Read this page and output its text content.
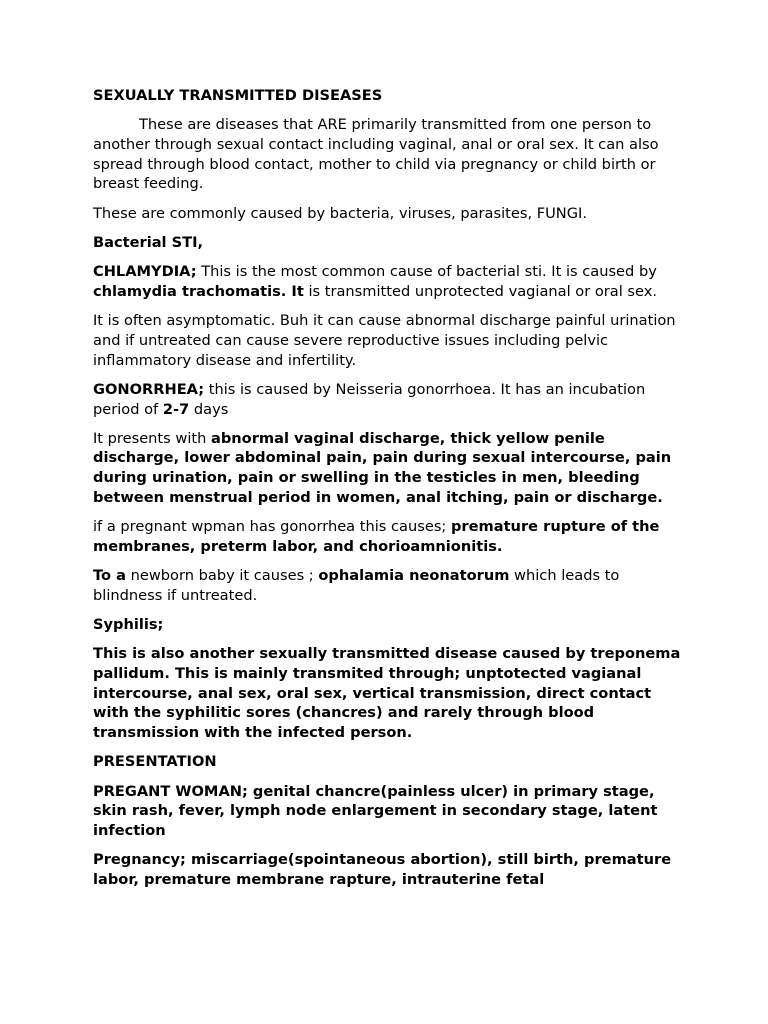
SEXUALLY TRANSMITTED DISEASES

These are diseases that ARE primarily transmitted from one person to another through sexual contact including vaginal, anal or oral sex. It can also spread through blood contact, mother to child via pregnancy or child birth or breast feeding.

These are commonly caused by bacteria, viruses, parasites, FUNGI.

Bacterial STI,

CHLAMYDIA; This is the most common cause of bacterial sti. It is caused by chlamydia trachomatis. It is transmitted unprotected vagianal or oral sex.

It is often asymptomatic. Buh it can cause abnormal discharge painful urination and if untreated can cause severe reproductive issues including pelvic inflammatory disease and infertility.

GONORRHEA; this is caused by Neisseria gonorrhoea. It has an incubation period of 2-7 days

It presents with abnormal vaginal discharge, thick yellow penile discharge, lower abdominal pain, pain during sexual intercourse, pain during urination, pain or swelling in the testicles in men, bleeding between menstrual period in women, anal itching, pain or discharge.

if a pregnant wpman has gonorrhea this causes; premature rupture of the membranes, preterm labor, and chorioamnionitis.

To a newborn baby it causes ; ophalamia neonatorum which leads to blindness if untreated.

Syphilis;

This is also another sexually transmitted disease caused by treponema pallidum. This is mainly transmited through; unptotected vagianal intercourse, anal sex, oral sex, vertical transmission, direct contact with the syphilitic sores (chancres) and rarely through blood transmission with the infected person.

PRESENTATION

PREGANT WOMAN; genital chancre(painless ulcer) in primary stage, skin rash, fever, lymph node enlargement in secondary stage, latent infection

Pregnancy; miscarriage(spointaneous abortion), still birth, premature labor, premature membrane rapture, intrauterine fetal
